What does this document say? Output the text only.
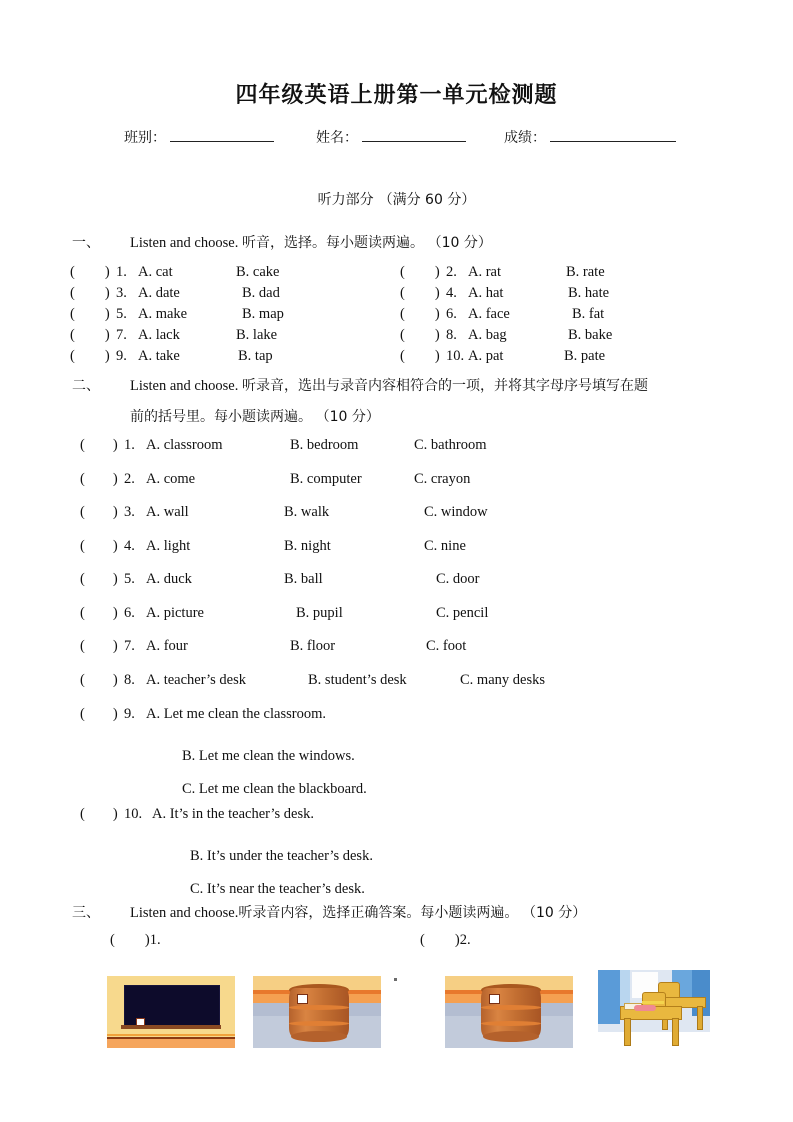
四年级英语上册第一单元检测题
班别：	姓名：	成绩：
听力部分 （满分 60 分）
一、 Listen and choose. 听音，选择。每小题读两遍。 （10 分）
( ) 1. A. cat	B. cake	( ) 2. A. rat	B. rate
( ) 3. A. date	B. dad	( ) 4. A. hat	B. hate
( ) 5. A. make	B. map	( ) 6. A. face	B. fat
( ) 7. A. lack	B. lake	( ) 8. A. bag	B. bake
( ) 9. A. take	B. tap	( ) 10. A. pat	B. pate
二、 Listen and choose. 听录音，选出与录音内容相符合的一项，并将其字母序号填写在题
前的括号里。每小题读两遍。 （10 分）
( ) 1. A. classroom	B. bedroom	C. bathroom
( ) 2. A. come	B. computer	C. crayon
( ) 3. A. wall	B. walk	C. window
( ) 4. A. light	B. night	C. nine
( ) 5. A. duck	B. ball	C. door
( ) 6. A. picture	B. pupil	C. pencil
( ) 7. A. four	B. floor	C. foot
( ) 8. A. teacher’s desk	B. student’s desk	C. many desks
( ) 9. A. Let me clean the classroom.
B. Let me clean the windows.
C. Let me clean the blackboard.
( ) 10. A. It’s in the teacher’s desk.
B. It’s under the teacher’s desk.
C. It’s near the teacher’s desk.
三、 Listen and choose.听录音内容，选择正确答案。每小题读两遍。 （10 分）
( )1.	( )2.
